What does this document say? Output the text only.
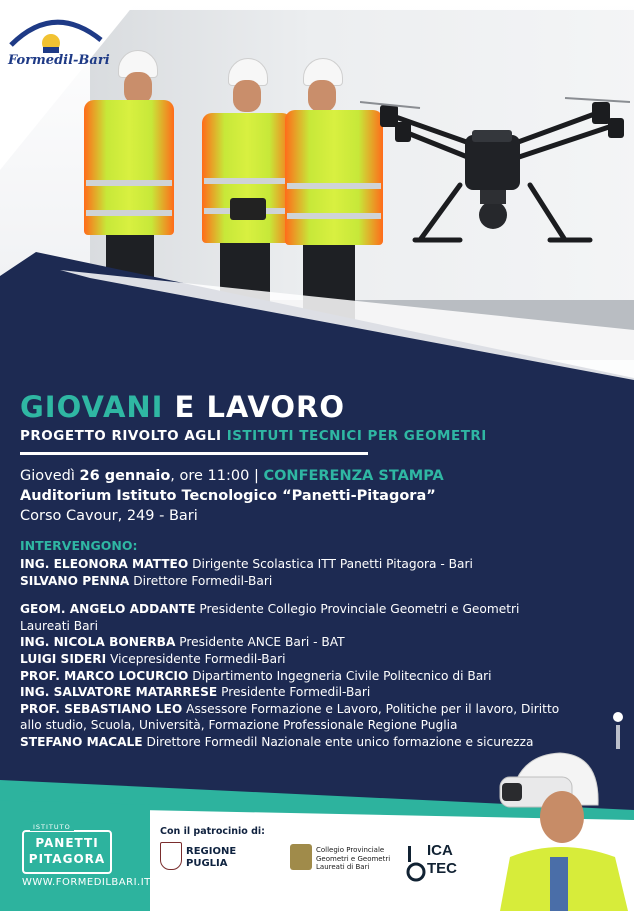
Formedil-Bari
GIOVANI E LAVORO
PROGETTO RIVOLTO AGLI ISTITUTI TECNICI PER GEOMETRI
Giovedì 26 gennaio, ore 11:00 | CONFERENZA STAMPA
Auditorium Istituto Tecnologico “Panetti-Pitagora”
Corso Cavour, 249 - Bari
INTERVENGONO:
ING. ELEONORA MATTEO Dirigente Scolastica ITT Panetti Pitagora - Bari
SILVANO PENNA Direttore Formedil-Bari
GEOM. ANGELO ADDANTE Presidente Collegio Provinciale Geometri e Geometri Laureati Bari
ING. NICOLA BONERBA Presidente ANCE Bari - BAT
LUIGI SIDERI Vicepresidente Formedil-Bari
PROF. MARCO LOCURCIO Dipartimento Ingegneria Civile Politecnico di Bari
ING. SALVATORE MATARRESE Presidente Formedil-Bari
PROF. SEBASTIANO LEO Assessore Formazione e Lavoro, Politiche per il lavoro, Diritto allo studio, Scuola, Università, Formazione Professionale Regione Puglia
STEFANO MACALE Direttore Formedil Nazionale ente unico formazione e sicurezza
ISTITUTO
PANETTI
PITAGORA
WWW.FORMEDILBARI.IT
Con il patrocinio di:
REGIONE
PUGLIA
Collegio Provinciale Geometri e Geometri Laureati di Bari
ICA
TEC
